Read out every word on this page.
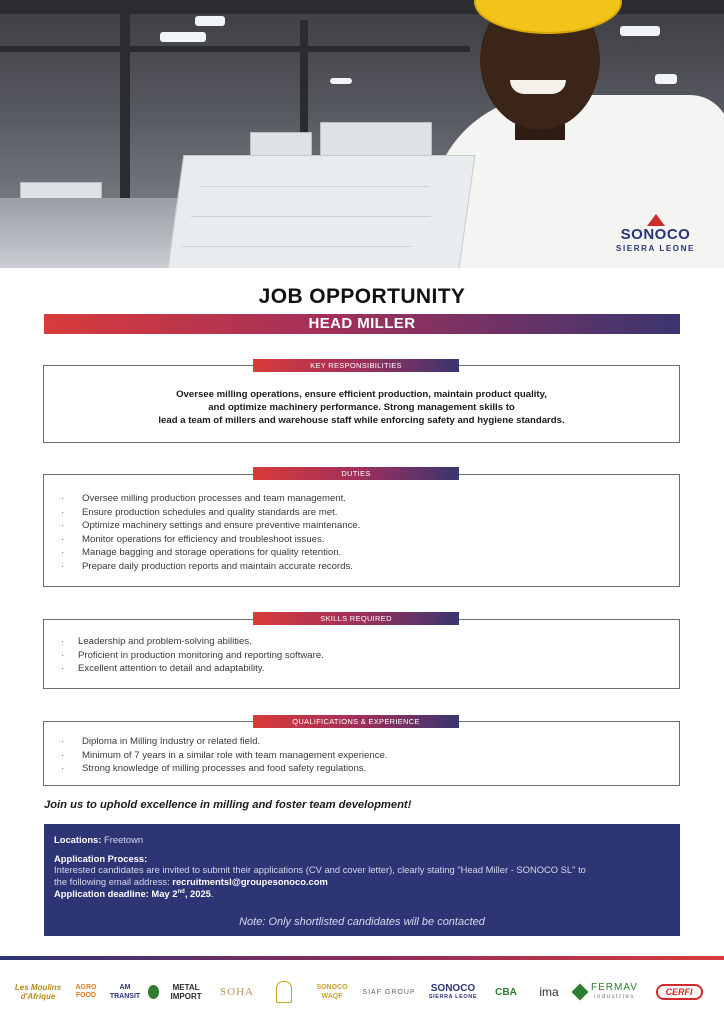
SONOCO
SIERRA LEONE
JOB OPPORTUNITY
HEAD MILLER

Oversee milling operations, ensure efficient production, maintain product quality,

and optimize machinery performance. Strong management skills to

lead a team of millers and warehouse staff while enforcing safety and hygiene standards.

KEY RESPONSIBILITIES
· Oversee milling production processes and team management.
· Ensure production schedules and quality standards are met.
· Optimize machinery settings and ensure preventive maintenance.
· Monitor operations for efficiency and troubleshoot issues.
· Manage bagging and storage operations for quality retention.
· Prepare daily production reports and maintain accurate records.
DUTIES
· Leadership and problem-solving abilities.
· Proficient in production monitoring and reporting software.
· Excellent attention to detail and adaptability.
SKILLS REQUIRED
· Diploma in Milling Industry or related field.
· Minimum of 7 years in a similar role with team management experience.
· Strong knowledge of milling processes and food safety regulations.
QUALIFICATIONS & EXPERIENCE
Join us to uphold excellence in milling and foster team development!
Locations: Freetown
Application Process:
Interested candidates are invited to submit their applications (CV and cover letter), clearly stating "Head Miller - SONOCO SL" to
the following email address: recruitmentsl@groupesonoco.com
Application deadline: May 2nd, 2025.
Note: Only shortlisted candidates will be contacted
Les Moulins d'Afrique
AGRO FOOD
AM TRANSIT
METAL IMPORT	SOHA	SONOCO WAQF
SIAF GROUP SONOCO
SIERRA LEONE CBA ima	FERMAV
industries	CERFI
